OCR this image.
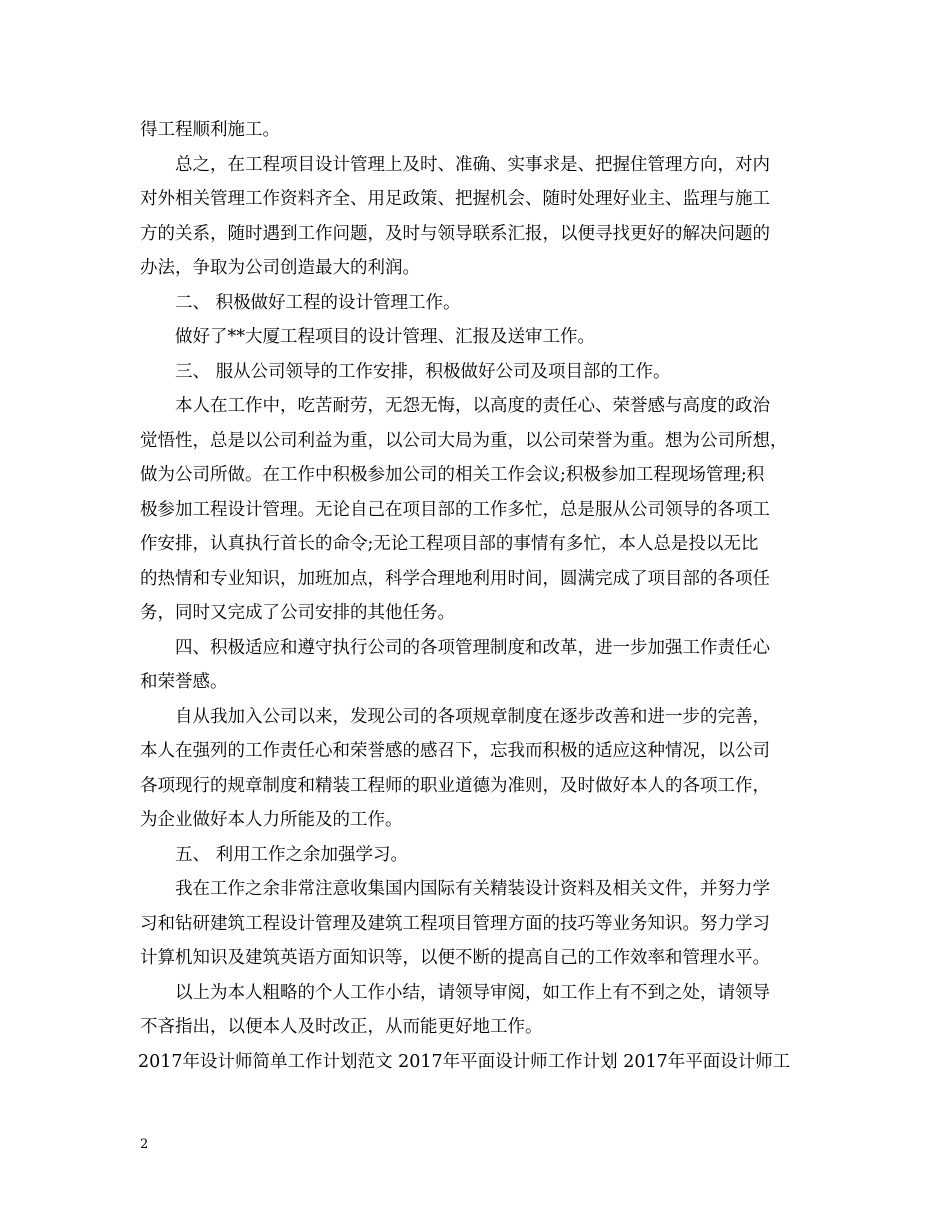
得工程顺利施工。
总之，在工程项目设计管理上及时、准确、实事求是、把握住管理方向，对内
对外相关管理工作资料齐全、用足政策、把握机会、随时处理好业主、监理与施工
方的关系，随时遇到工作问题，及时与领导联系汇报，以便寻找更好的解决问题的
办法，争取为公司创造最大的利润。
二、 积极做好工程的设计管理工作。
做好了**大厦工程项目的设计管理、汇报及送审工作。
三、 服从公司领导的工作安排，积极做好公司及项目部的工作。
本人在工作中，吃苦耐劳，无怨无悔，以高度的责任心、荣誉感与高度的政治
觉悟性，总是以公司利益为重，以公司大局为重，以公司荣誉为重。想为公司所想，
做为公司所做。在工作中积极参加公司的相关工作会议;积极参加工程现场管理;积
极参加工程设计管理。无论自己在项目部的工作多忙，总是服从公司领导的各项工
作安排，认真执行首长的命令;无论工程项目部的事情有多忙，本人总是投以无比
的热情和专业知识，加班加点，科学合理地利用时间，圆满完成了项目部的各项任
务，同时又完成了公司安排的其他任务。
四、积极适应和遵守执行公司的各项管理制度和改革，进一步加强工作责任心
和荣誉感。
自从我加入公司以来，发现公司的各项规章制度在逐步改善和进一步的完善，
本人在强列的工作责任心和荣誉感的感召下，忘我而积极的适应这种情况，以公司
各项现行的规章制度和精装工程师的职业道德为准则，及时做好本人的各项工作，
为企业做好本人力所能及的工作。
五、 利用工作之余加强学习。
我在工作之余非常注意收集国内国际有关精装设计资料及相关文件，并努力学
习和钻研建筑工程设计管理及建筑工程项目管理方面的技巧等业务知识。努力学习
计算机知识及建筑英语方面知识等，以便不断的提高自己的工作效率和管理水平。
以上为本人粗略的个人工作小结，请领导审阅，如工作上有不到之处，请领导
不吝指出，以便本人及时改正，从而能更好地工作。
2017年设计师简单工作计划范文 2017年平面设计师工作计划 2017年平面设计师工
2
